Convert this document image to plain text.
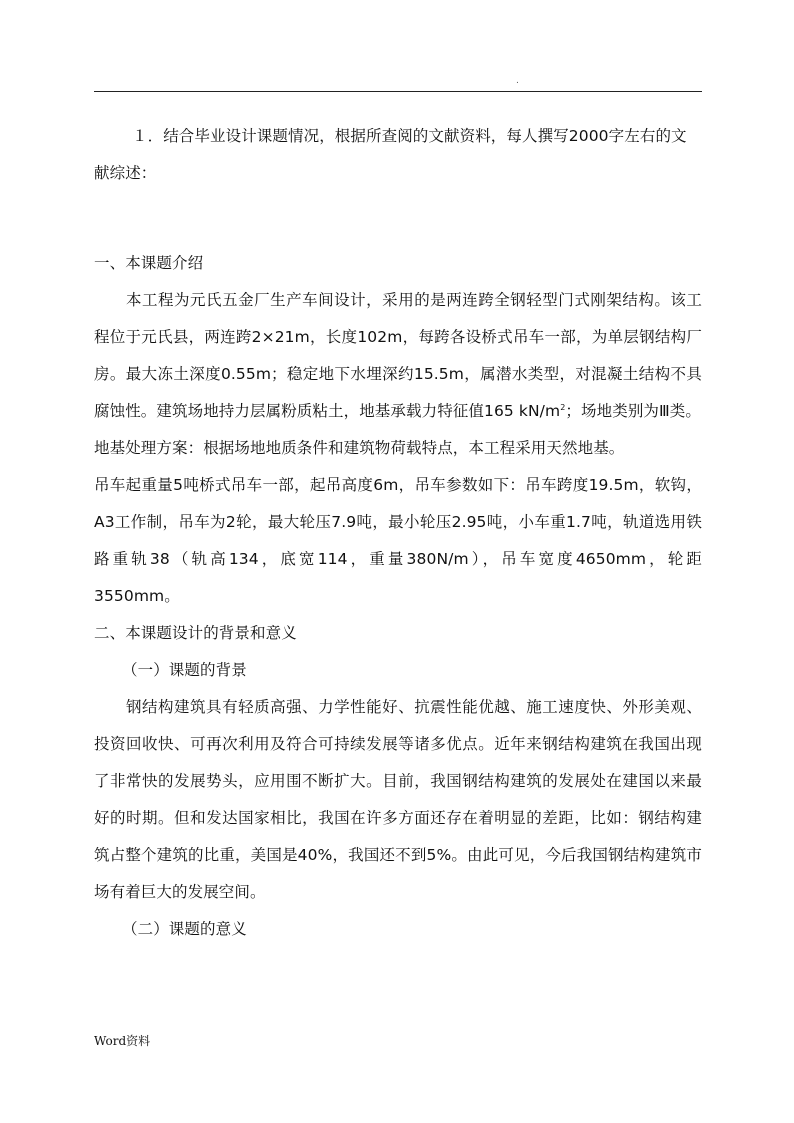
.

１．结合毕业设计课题情况，根据所查阅的文献资料，每人撰写2000字左右的文

献综述：

一、本课题介绍

本工程为元氏五金厂生产车间设计，采用的是两连跨全钢轻型门式刚架结构。该工程位于元氏县，两连跨2×21m，长度102m，每跨各设桥式吊车一部，为单层钢结构厂房。最大冻土深度0.55m；稳定地下水埋深约15.5m，属潜水类型，对混凝土结构不具腐蚀性。建筑场地持力层属粉质粘土，地基承载力特征值165 $kN/m^2$；场地类别为Ⅲ类。

地基处理方案：根据场地地质条件和建筑物荷载特点，本工程采用天然地基。

吊车起重量5吨桥式吊车一部，起吊高度6m，吊车参数如下：吊车跨度19.5m，软钩，A3工作制，吊车为2轮，最大轮压7.9吨，最小轮压2.95吨，小车重1.7吨，轨道选用铁路重轨38（轨高134，底宽114，重量380N/m），吊车宽度4650mm，轮距3550mm。

二、本课题设计的背景和意义

（一）课题的背景

钢结构建筑具有轻质高强、力学性能好、抗震性能优越、施工速度快、外形美观、投资回收快、可再次利用及符合可持续发展等诸多优点。近年来钢结构建筑在我国出现了非常快的发展势头，应用围不断扩大。目前，我国钢结构建筑的发展处在建国以来最好的时期。但和发达国家相比，我国在许多方面还存在着明显的差距，比如：钢结构建筑占整个建筑的比重，美国是40%，我国还不到5%。由此可见，今后我国钢结构建筑市场有着巨大的发展空间。

（二）课题的意义

Word资料
